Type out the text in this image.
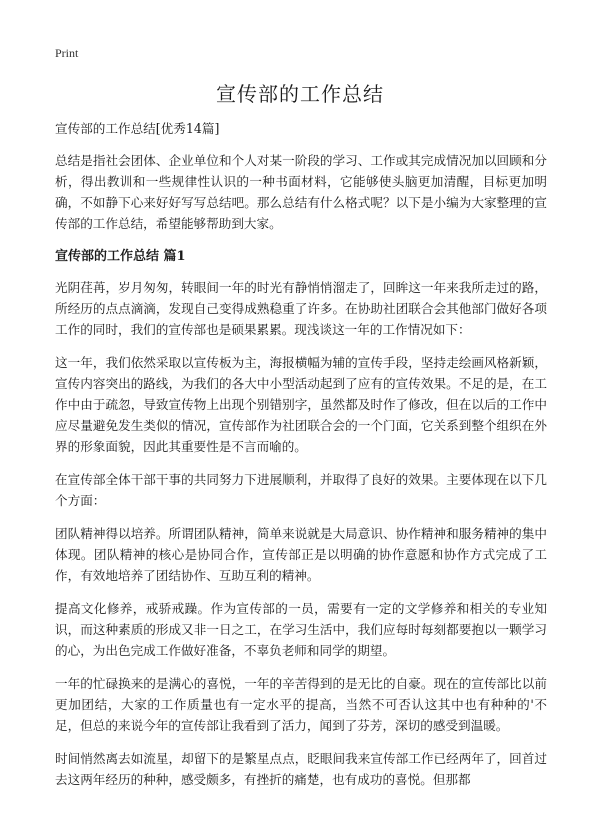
Print
宣传部的工作总结

宣传部的工作总结[优秀14篇]

总结是指社会团体、企业单位和个人对某一阶段的学习、工作或其完成情况加以回顾和分析，得出教训和一些规律性认识的一种书面材料，它能够使头脑更加清醒，目标更加明确，不如静下心来好好写写总结吧。那么总结有什么格式呢？以下是小编为大家整理的宣传部的工作总结，希望能够帮助到大家。

宣传部的工作总结 篇1

光阴荏苒，岁月匆匆，转眼间一年的时光有静悄悄溜走了，回眸这一年来我所走过的路，所经历的点点滴滴，发现自己变得成熟稳重了许多。在协助社团联合会其他部门做好各项工作的同时，我们的宣传部也是硕果累累。现浅谈这一年的工作情况如下：

这一年，我们依然采取以宣传板为主，海报横幅为辅的宣传手段，坚持走绘画风格新颖，宣传内容突出的路线，为我们的各大中小型活动起到了应有的宣传效果。不足的是，在工作中由于疏忽，导致宣传物上出现个别错别字，虽然都及时作了修改，但在以后的工作中应尽量避免发生类似的情况，宣传部作为社团联合会的一个门面，它关系到整个组织在外界的形象面貌，因此其重要性是不言而喻的。

在宣传部全体干部干事的共同努力下进展顺利，并取得了良好的效果。主要体现在以下几个方面：

团队精神得以培养。所谓团队精神，简单来说就是大局意识、协作精神和服务精神的集中体现。团队精神的核心是协同合作，宣传部正是以明确的协作意愿和协作方式完成了工作，有效地培养了团结协作、互助互利的精神。

提高文化修养，戒骄戒躁。作为宣传部的一员，需要有一定的文学修养和相关的专业知识，而这种素质的形成又非一日之工，在学习生活中，我们应每时每刻都要抱以一颗学习的心，为出色完成工作做好准备，不辜负老师和同学的期望。

一年的忙碌换来的是满心的喜悦，一年的辛苦得到的是无比的自豪。现在的宣传部比以前更加团结，大家的工作质量也有一定水平的提高，当然不可否认这其中也有种种的'不足，但总的来说今年的宣传部让我看到了活力，闻到了芬芳，深切的感受到温暖。

时间悄然离去如流星，却留下的是繁星点点，眨眼间我来宣传部工作已经两年了，回首过去这两年经历的种种，感受颇多，有挫折的痛楚，也有成功的喜悦。但那都
